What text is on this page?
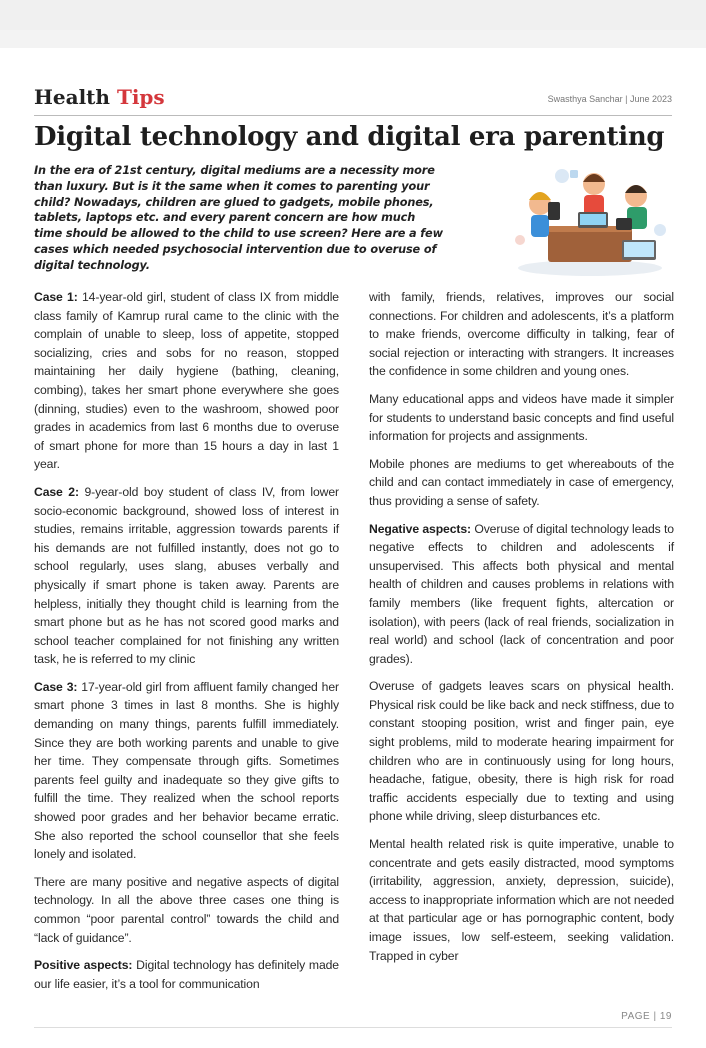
Health Tips	Swasthya Sanchar | June 2023
Digital technology and digital era parenting

In the era of 21st century, digital mediums are a necessity more than luxury. But is it the same when it comes to parenting your child? Nowadays, children are glued to gadgets, mobile phones, tablets, laptops etc. and every parent concern are how much time should be allowed to the child to use screen? Here are a few cases which needed psychosocial intervention due to overuse of digital technology.

Case 1: 14-year-old girl, student of class IX from middle class family of Kamrup rural came to the clinic with the complain of unable to sleep, loss of appetite, stopped socializing, cries and sobs for no reason, stopped maintaining her daily hygiene (bathing, cleaning, combing), takes her smart phone everywhere she goes (dinning, studies) even to the washroom, showed poor grades in academics from last 6 months due to overuse of smart phone for more than 15 hours a day in last 1 year.

Case 2: 9-year-old boy student of class IV, from lower socio-economic background, showed loss of interest in studies, remains irritable, aggression towards parents if his demands are not fulfilled instantly, does not go to school regularly, uses slang, abuses verbally and physically if smart phone is taken away. Parents are helpless, initially they thought child is learning from the smart phone but as he has not scored good marks and school teacher complained for not finishing any written task, he is referred to my clinic

Case 3: 17-year-old girl from affluent family changed her smart phone 3 times in last 8 months. She is highly demanding on many things, parents fulfill immediately. Since they are both working parents and unable to give her time. They compensate through gifts. Sometimes parents feel guilty and inadequate so they give gifts to fulfill the time. They realized when the school reports showed poor grades and her behavior became erratic. She also reported the school counsellor that she feels lonely and isolated.

There are many positive and negative aspects of digital technology. In all the above three cases one thing is common “poor parental control” towards the child and “lack of guidance”.

Positive aspects: Digital technology has definitely made our life easier, it’s a tool for communication

with family, friends, relatives, improves our social connections. For children and adolescents, it’s a platform to make friends, overcome difficulty in talking, fear of social rejection or interacting with strangers. It increases the confidence in some children and young ones.

Many educational apps and videos have made it simpler for students to understand basic concepts and find useful information for projects and assignments.

Mobile phones are mediums to get whereabouts of the child and can contact immediately in case of emergency, thus providing a sense of safety.

Negative aspects: Overuse of digital technology leads to negative effects to children and adolescents if unsupervised. This affects both physical and mental health of children and causes problems in relations with family members (like frequent fights, altercation or isolation), with peers (lack of real friends, socialization in real world) and school (lack of concentration and poor grades).

Overuse of gadgets leaves scars on physical health. Physical risk could be like back and neck stiffness, due to constant stooping position, wrist and finger pain, eye sight problems, mild to moderate hearing impairment for children who are in continuously using for long hours, headache, fatigue, obesity, there is high risk for road traffic accidents especially due to texting and using phone while driving, sleep disturbances etc.

Mental health related risk is quite imperative, unable to concentrate and gets easily distracted, mood symptoms (irritability, aggression, anxiety, depression, suicide), access to inappropriate information which are not needed at that particular age or has pornographic content, body image issues, low self-esteem, seeking validation. Trapped in cyber

PAGE | 19
